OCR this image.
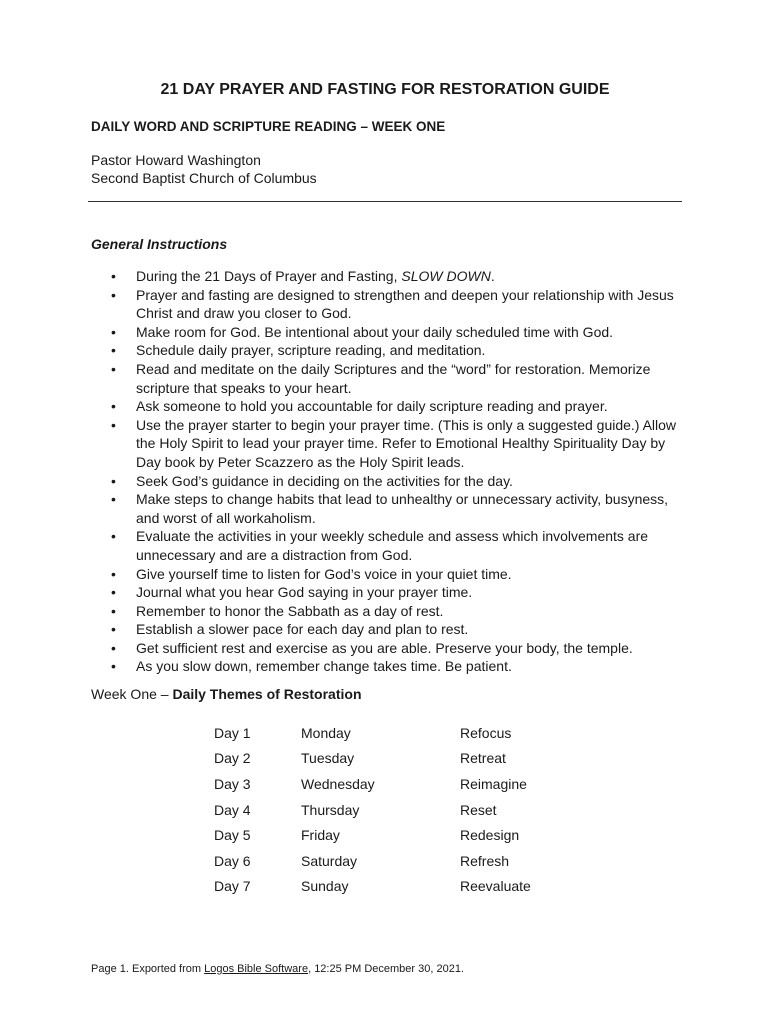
21 DAY PRAYER AND FASTING FOR RESTORATION GUIDE
DAILY WORD AND SCRIPTURE READING – WEEK ONE
Pastor Howard Washington
Second Baptist Church of Columbus
General Instructions
• During the 21 Days of Prayer and Fasting, SLOW DOWN.
• Prayer and fasting are designed to strengthen and deepen your relationship with Jesus Christ and draw you closer to God.
• Make room for God. Be intentional about your daily scheduled time with God.
• Schedule daily prayer, scripture reading, and meditation.
• Read and meditate on the daily Scriptures and the “word” for restoration. Memorize scripture that speaks to your heart.
• Ask someone to hold you accountable for daily scripture reading and prayer.
• Use the prayer starter to begin your prayer time. (This is only a suggested guide.) Allow the Holy Spirit to lead your prayer time. Refer to Emotional Healthy Spirituality Day by Day book by Peter Scazzero as the Holy Spirit leads.
• Seek God’s guidance in deciding on the activities for the day.
• Make steps to change habits that lead to unhealthy or unnecessary activity, busyness, and worst of all workaholism.
• Evaluate the activities in your weekly schedule and assess which involvements are unnecessary and are a distraction from God.
• Give yourself time to listen for God’s voice in your quiet time.
• Journal what you hear God saying in your prayer time.
• Remember to honor the Sabbath as a day of rest.
• Establish a slower pace for each day and plan to rest.
• Get sufficient rest and exercise as you are able. Preserve your body, the temple.
• As you slow down, remember change takes time. Be patient.
Week One – Daily Themes of Restoration
Day 1	Monday	Refocus
Day 2	Tuesday	Retreat
Day 3	Wednesday	Reimagine
Day 4	Thursday	Reset
Day 5	Friday	Redesign
Day 6	Saturday	Refresh
Day 7	Sunday	Reevaluate
Page 1. Exported from Logos Bible Software, 12:25 PM December 30, 2021.
